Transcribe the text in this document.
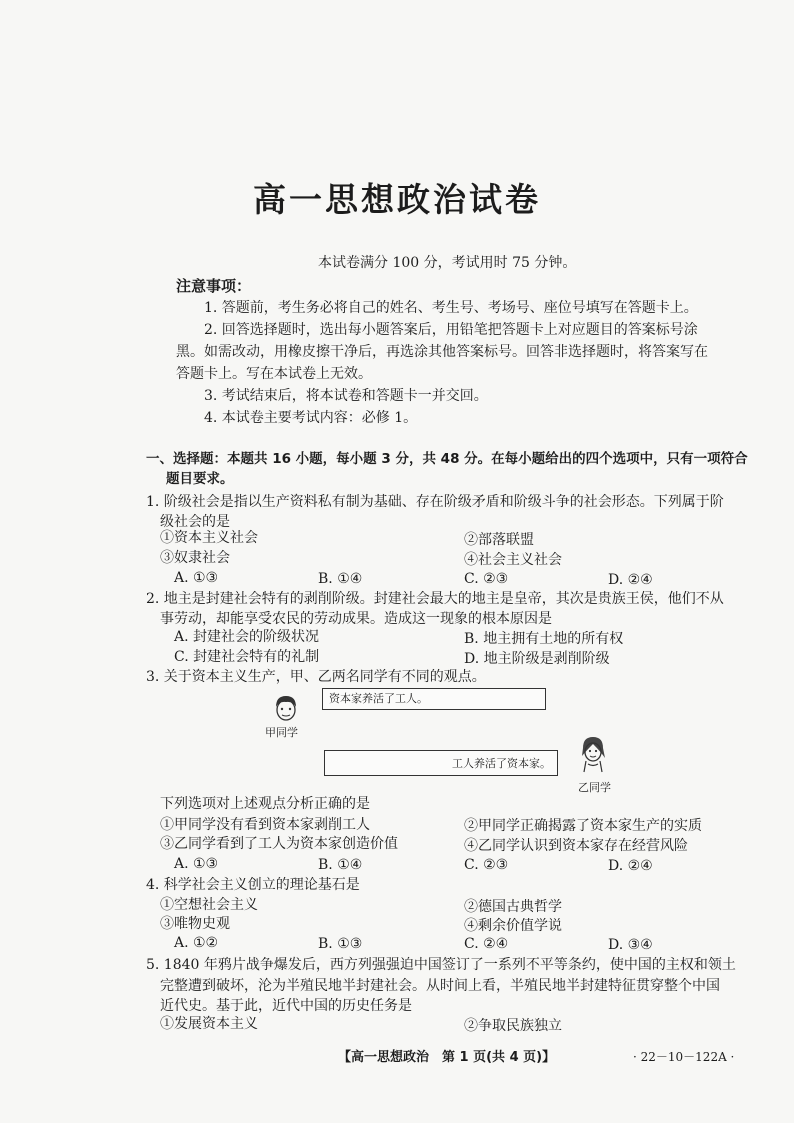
高一思想政治试卷
本试卷满分 100 分，考试用时 75 分钟。
注意事项：
1. 答题前，考生务必将自己的姓名、考生号、考场号、座位号填写在答题卡上。
2. 回答选择题时，选出每小题答案后，用铅笔把答题卡上对应题目的答案标号涂
黑。如需改动，用橡皮擦干净后，再选涂其他答案标号。回答非选择题时，将答案写在
答题卡上。写在本试卷上无效。
3. 考试结束后，将本试卷和答题卡一并交回。
4. 本试卷主要考试内容：必修 1。
一、选择题：本题共 16 小题，每小题 3 分，共 48 分。在每小题给出的四个选项中，只有一项符合
题目要求。
1. 阶级社会是指以生产资料私有制为基础、存在阶级矛盾和阶级斗争的社会形态。下列属于阶
级社会的是
①资本主义社会	②部落联盟
③奴隶社会	④社会主义社会
A. ①③	B. ①④	C. ②③	D. ②④
2. 地主是封建社会特有的剥削阶级。封建社会最大的地主是皇帝，其次是贵族王侯，他们不从
事劳动，却能享受农民的劳动成果。造成这一现象的根本原因是
A. 封建社会的阶级状况	B. 地主拥有土地的所有权
C. 封建社会特有的礼制	D. 地主阶级是剥削阶级
3. 关于资本主义生产，甲、乙两名同学有不同的观点。
资本家养活了工人。
甲同学
工人养活了资本家。
乙同学
下列选项对上述观点分析正确的是
①甲同学没有看到资本家剥削工人	②甲同学正确揭露了资本家生产的实质
③乙同学看到了工人为资本家创造价值	④乙同学认识到资本家存在经营风险
A. ①③	B. ①④	C. ②③	D. ②④
4. 科学社会主义创立的理论基石是
①空想社会主义	②德国古典哲学
③唯物史观	④剩余价值学说
A. ①②	B. ①③	C. ②④	D. ③④
5. 1840 年鸦片战争爆发后，西方列强强迫中国签订了一系列不平等条约，使中国的主权和领土
完整遭到破坏，沦为半殖民地半封建社会。从时间上看，半殖民地半封建特征贯穿整个中国
近代史。基于此，近代中国的历史任务是
①发展资本主义	②争取民族独立
【高一思想政治　第 1 页(共 4 页)】	· 22－10－122A ·
